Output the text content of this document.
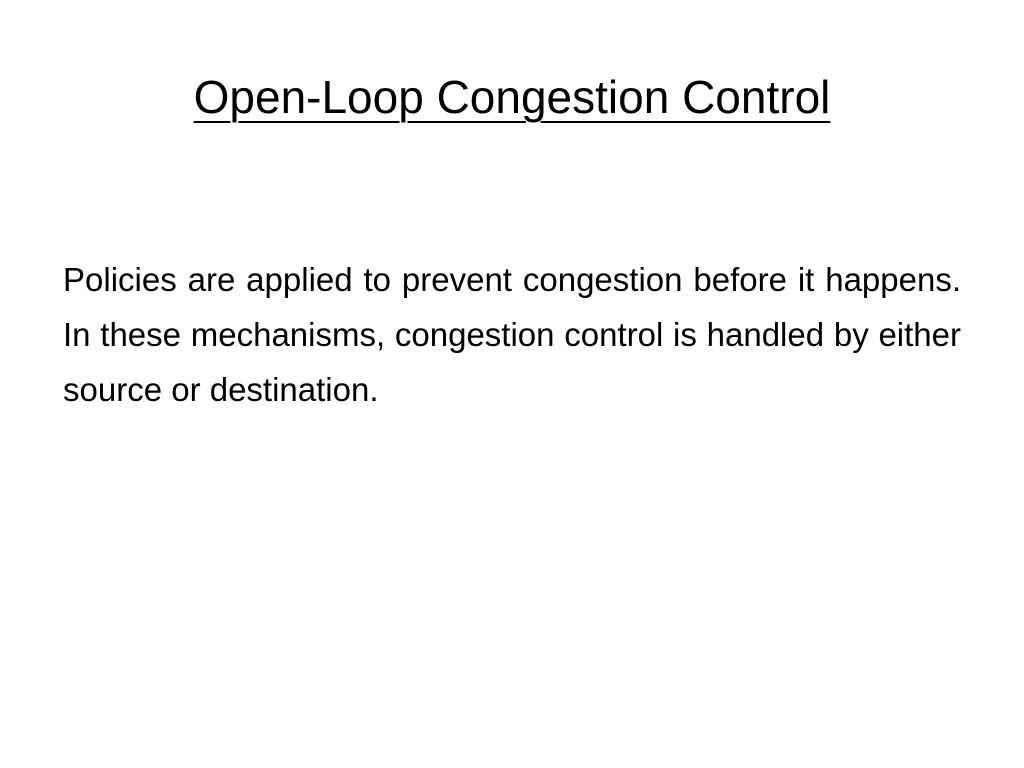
Open-Loop Congestion Control

Policies are applied to prevent congestion before it happens. In these mechanisms, congestion control is handled by either source or destination.
